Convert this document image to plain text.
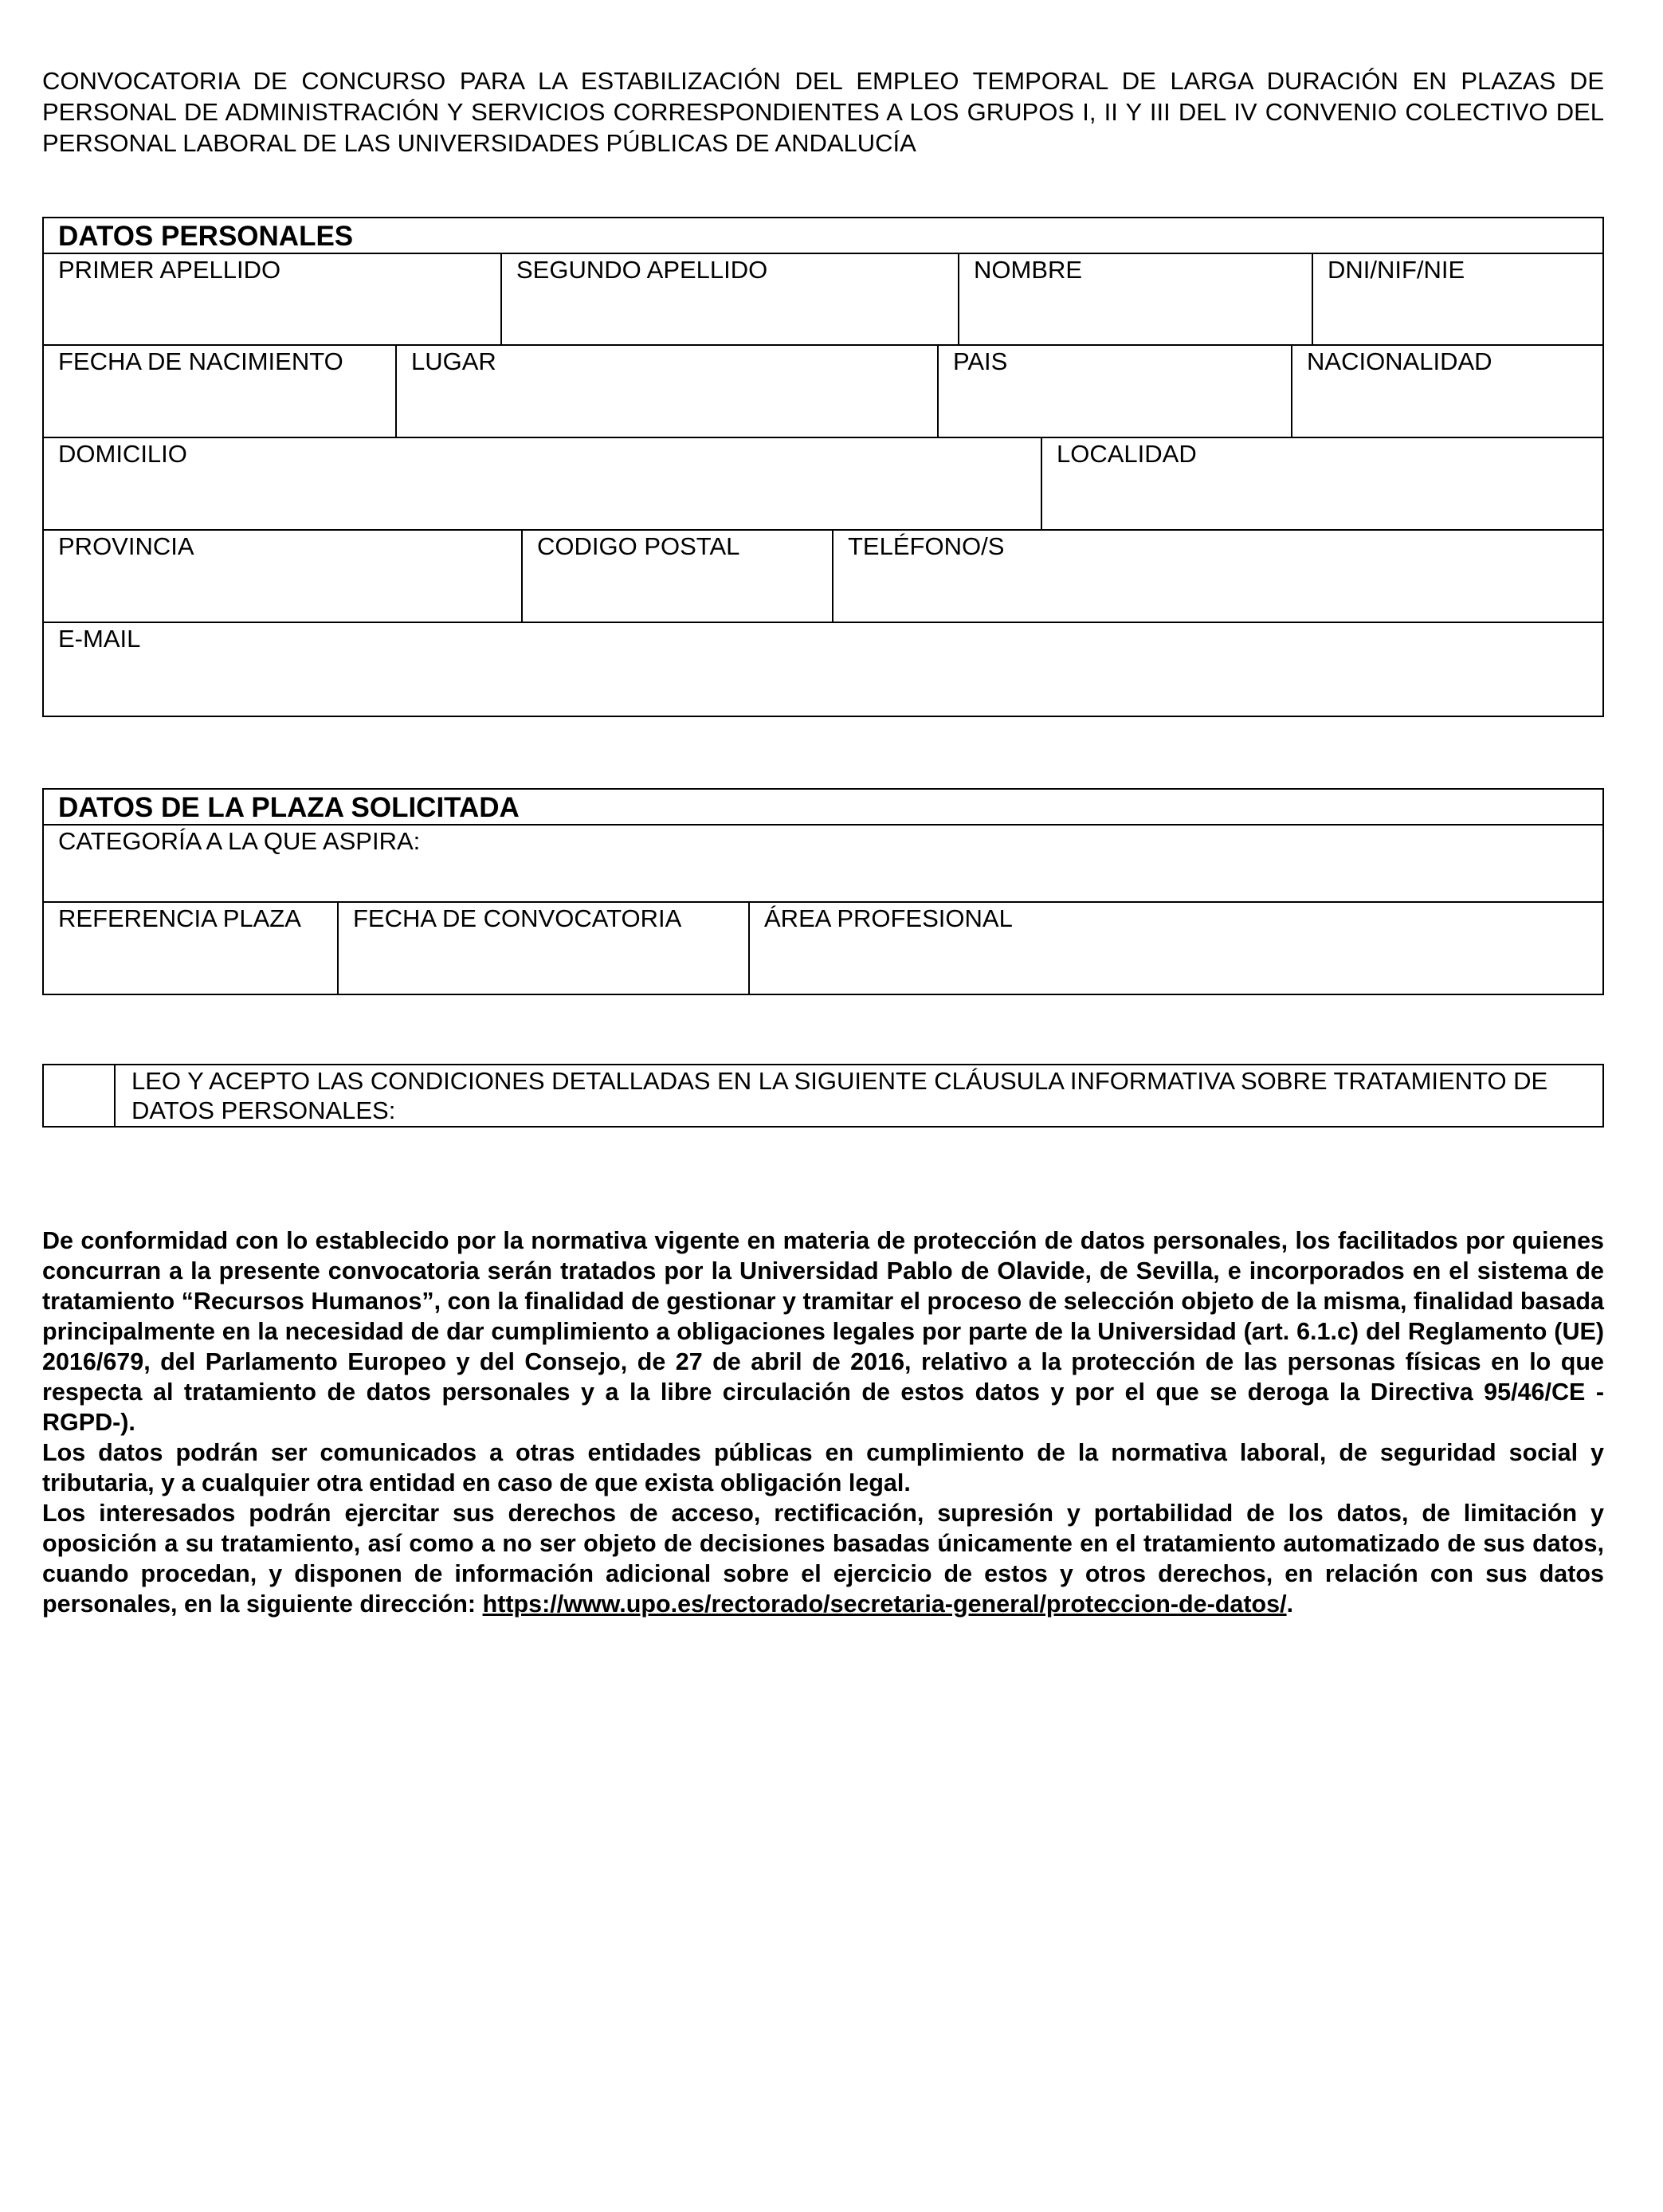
CONVOCATORIA DE CONCURSO PARA LA ESTABILIZACIÓN DEL EMPLEO TEMPORAL DE LARGA DURACIÓN EN PLAZAS DE PERSONAL DE ADMINISTRACIÓN Y SERVICIOS CORRESPONDIENTES A LOS GRUPOS I, II Y III DEL IV CONVENIO COLECTIVO DEL PERSONAL LABORAL DE LAS UNIVERSIDADES PÚBLICAS DE ANDALUCÍA
DATOS PERSONALES
PRIMER APELLIDO	SEGUNDO APELLIDO	NOMBRE	DNI/NIF/NIE
FECHA DE NACIMIENTO	LUGAR	PAIS	NACIONALIDAD
DOMICILIO	LOCALIDAD
PROVINCIA	CODIGO POSTAL	TELÉFONO/S
E-MAIL
DATOS DE LA PLAZA SOLICITADA
CATEGORÍA A LA QUE ASPIRA:
REFERENCIA PLAZA	FECHA DE CONVOCATORIA	ÁREA PROFESIONAL
LEO Y ACEPTO LAS CONDICIONES DETALLADAS EN LA SIGUIENTE CLÁUSULA INFORMATIVA SOBRE TRATAMIENTO DE DATOS PERSONALES:

De conformidad con lo establecido por la normativa vigente en materia de protección de datos personales, los facilitados por quienes concurran a la presente convocatoria serán tratados por la Universidad Pablo de Olavide, de Sevilla, e incorporados en el sistema de tratamiento “Recursos Humanos”, con la finalidad de gestionar y tramitar el proceso de selección objeto de la misma, finalidad basada principalmente en la necesidad de dar cumplimiento a obligaciones legales por parte de la Universidad (art. 6.1.c) del Reglamento (UE) 2016/679, del Parlamento Europeo y del Consejo, de 27 de abril de 2016, relativo a la protección de las personas físicas en lo que respecta al tratamiento de datos personales y a la libre circulación de estos datos y por el que se deroga la Directiva 95/46/CE -RGPD-).

Los datos podrán ser comunicados a otras entidades públicas en cumplimiento de la normativa laboral, de seguridad social y tributaria, y a cualquier otra entidad en caso de que exista obligación legal.

Los interesados podrán ejercitar sus derechos de acceso, rectificación, supresión y portabilidad de los datos, de limitación y oposición a su tratamiento, así como a no ser objeto de decisiones basadas únicamente en el tratamiento automatizado de sus datos, cuando procedan, y disponen de información adicional sobre el ejercicio de estos y otros derechos, en relación con sus datos personales, en la siguiente dirección: https://www.upo.es/rectorado/secretaria-general/proteccion-de-datos/.
